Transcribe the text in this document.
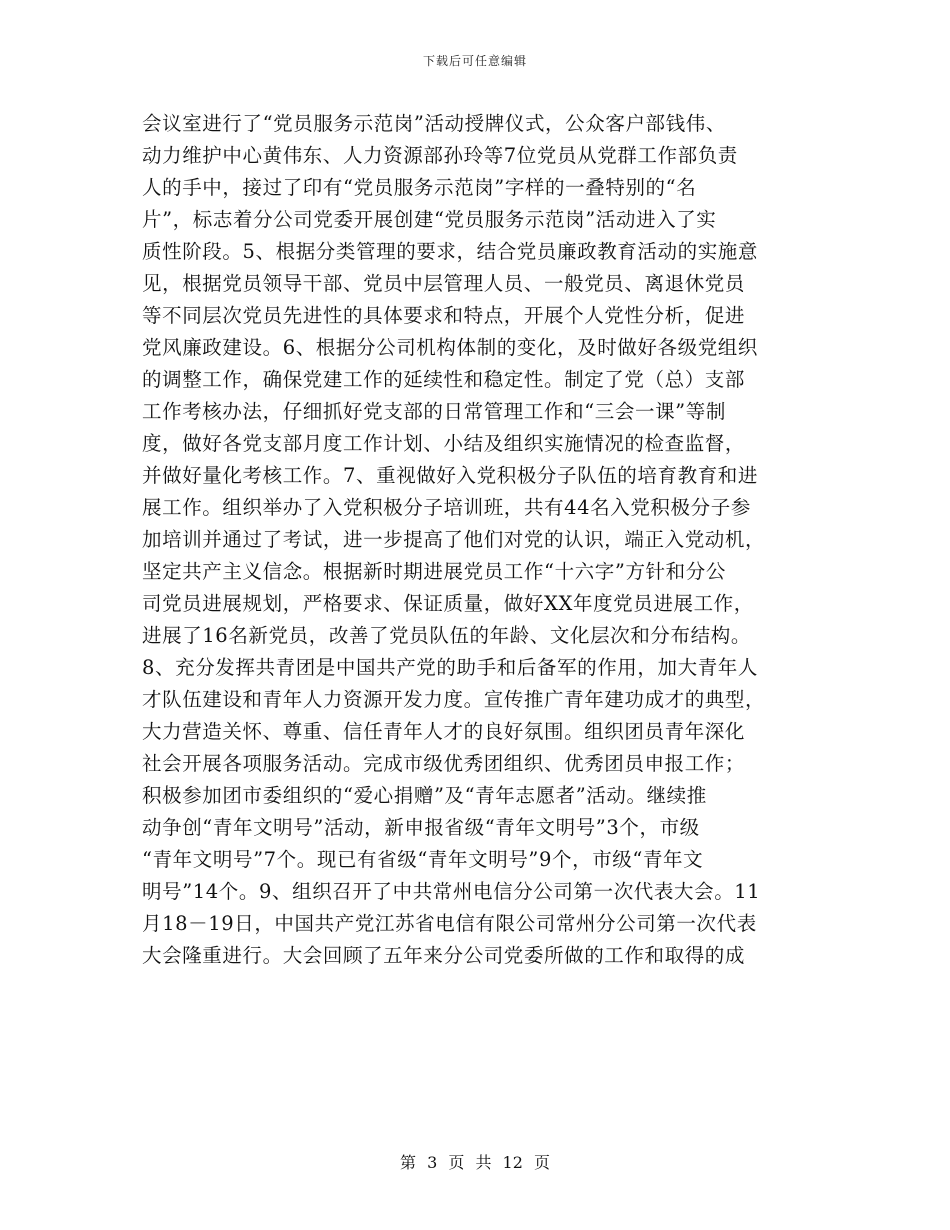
下载后可任意编辑
会议室进行了“党员服务示范岗”活动授牌仪式，公众客户部钱伟、
动力维护中心黄伟东、人力资源部孙玲等7位党员从党群工作部负责
人的手中，接过了印有“党员服务示范岗”字样的一叠特别的“名
片”，标志着分公司党委开展创建“党员服务示范岗”活动进入了实
质性阶段。5、根据分类管理的要求，结合党员廉政教育活动的实施意
见，根据党员领导干部、党员中层管理人员、一般党员、离退休党员
等不同层次党员先进性的具体要求和特点，开展个人党性分析，促进
党风廉政建设。6、根据分公司机构体制的变化，及时做好各级党组织
的调整工作，确保党建工作的延续性和稳定性。制定了党（总）支部
工作考核办法，仔细抓好党支部的日常管理工作和“三会一课”等制
度，做好各党支部月度工作计划、小结及组织实施情况的检查监督，
并做好量化考核工作。7、重视做好入党积极分子队伍的培育教育和进
展工作。组织举办了入党积极分子培训班，共有44名入党积极分子参
加培训并通过了考试，进一步提高了他们对党的认识，端正入党动机，
坚定共产主义信念。根据新时期进展党员工作“十六字”方针和分公
司党员进展规划，严格要求、保证质量，做好XX年度党员进展工作，
进展了16名新党员，改善了党员队伍的年龄、文化层次和分布结构。
8、充分发挥共青团是中国共产党的助手和后备军的作用，加大青年人
才队伍建设和青年人力资源开发力度。宣传推广青年建功成才的典型，
大力营造关怀、尊重、信任青年人才的良好氛围。组织团员青年深化
社会开展各项服务活动。完成市级优秀团组织、优秀团员申报工作；
积极参加团市委组织的“爱心捐赠”及“青年志愿者”活动。继续推
动争创“青年文明号”活动，新申报省级“青年文明号”3个，市级
“青年文明号”7个。现已有省级“青年文明号”9个，市级“青年文
明号”14个。9、组织召开了中共常州电信分公司第一次代表大会。11
月18－19日，中国共产党江苏省电信有限公司常州分公司第一次代表
大会隆重进行。大会回顾了五年来分公司党委所做的工作和取得的成
第 3 页 共 12 页
